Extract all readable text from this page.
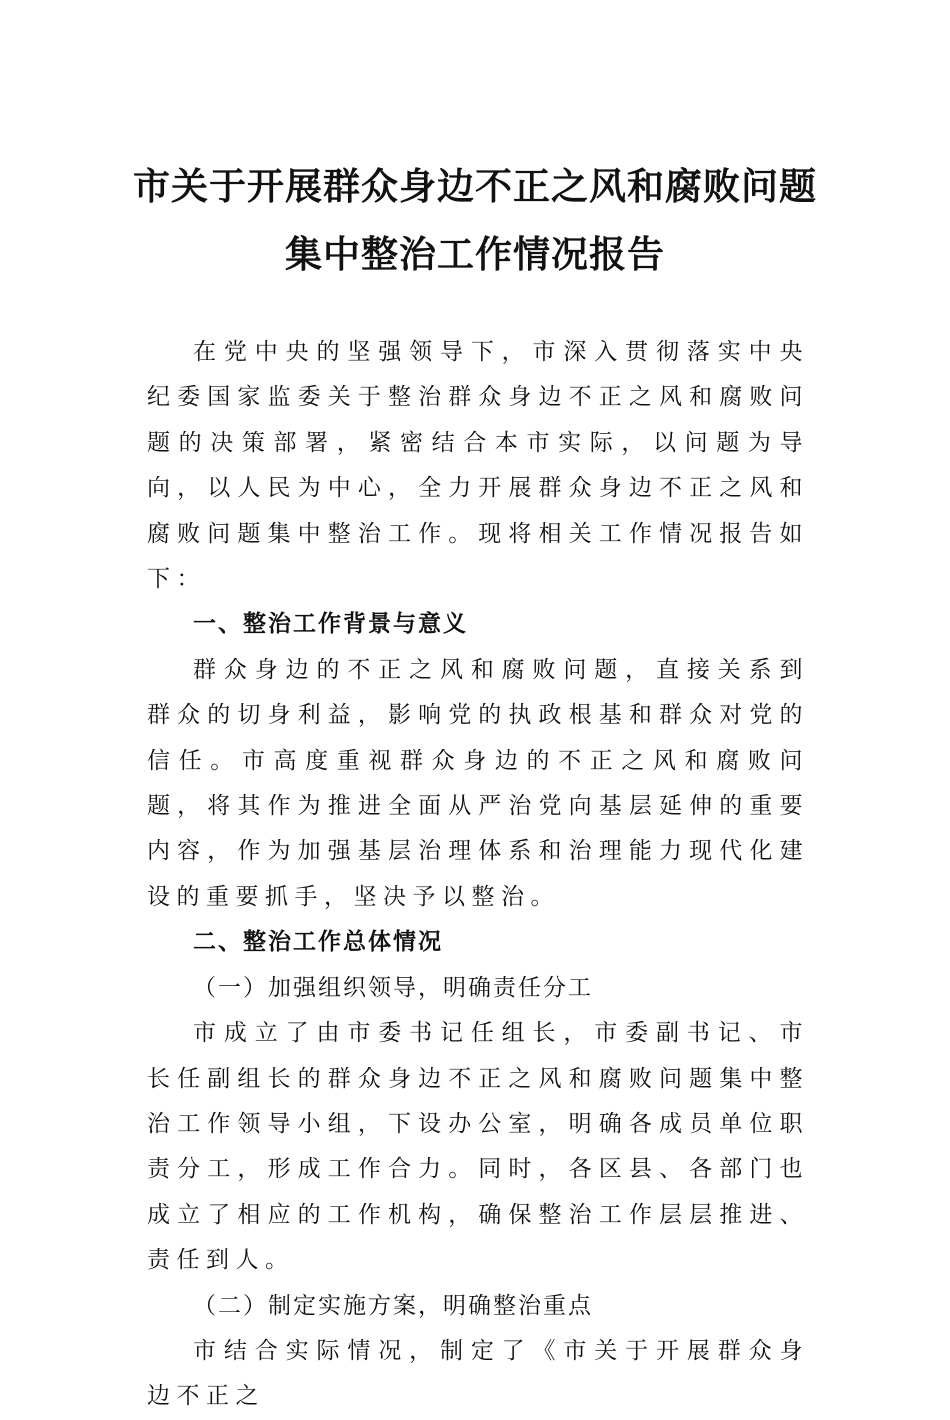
市关于开展群众身边不正之风和腐败问题
集中整治工作情况报告

在党中央的坚强领导下，市深入贯彻落实中央纪委国家监委关于整治群众身边不正之风和腐败问题的决策部署，紧密结合本市实际，以问题为导向，以人民为中心，全力开展群众身边不正之风和腐败问题集中整治工作。现将相关工作情况报告如下：

一、整治工作背景与意义

群众身边的不正之风和腐败问题，直接关系到群众的切身利益，影响党的执政根基和群众对党的信任。市高度重视群众身边的不正之风和腐败问题，将其作为推进全面从严治党向基层延伸的重要内容，作为加强基层治理体系和治理能力现代化建设的重要抓手，坚决予以整治。

二、整治工作总体情况

（一）加强组织领导，明确责任分工

市成立了由市委书记任组长，市委副书记、市长任副组长的群众身边不正之风和腐败问题集中整治工作领导小组，下设办公室，明确各成员单位职责分工，形成工作合力。同时，各区县、各部门也成立了相应的工作机构，确保整治工作层层推进、责任到人。

（二）制定实施方案，明确整治重点

市结合实际情况，制定了《市关于开展群众身边不正之
